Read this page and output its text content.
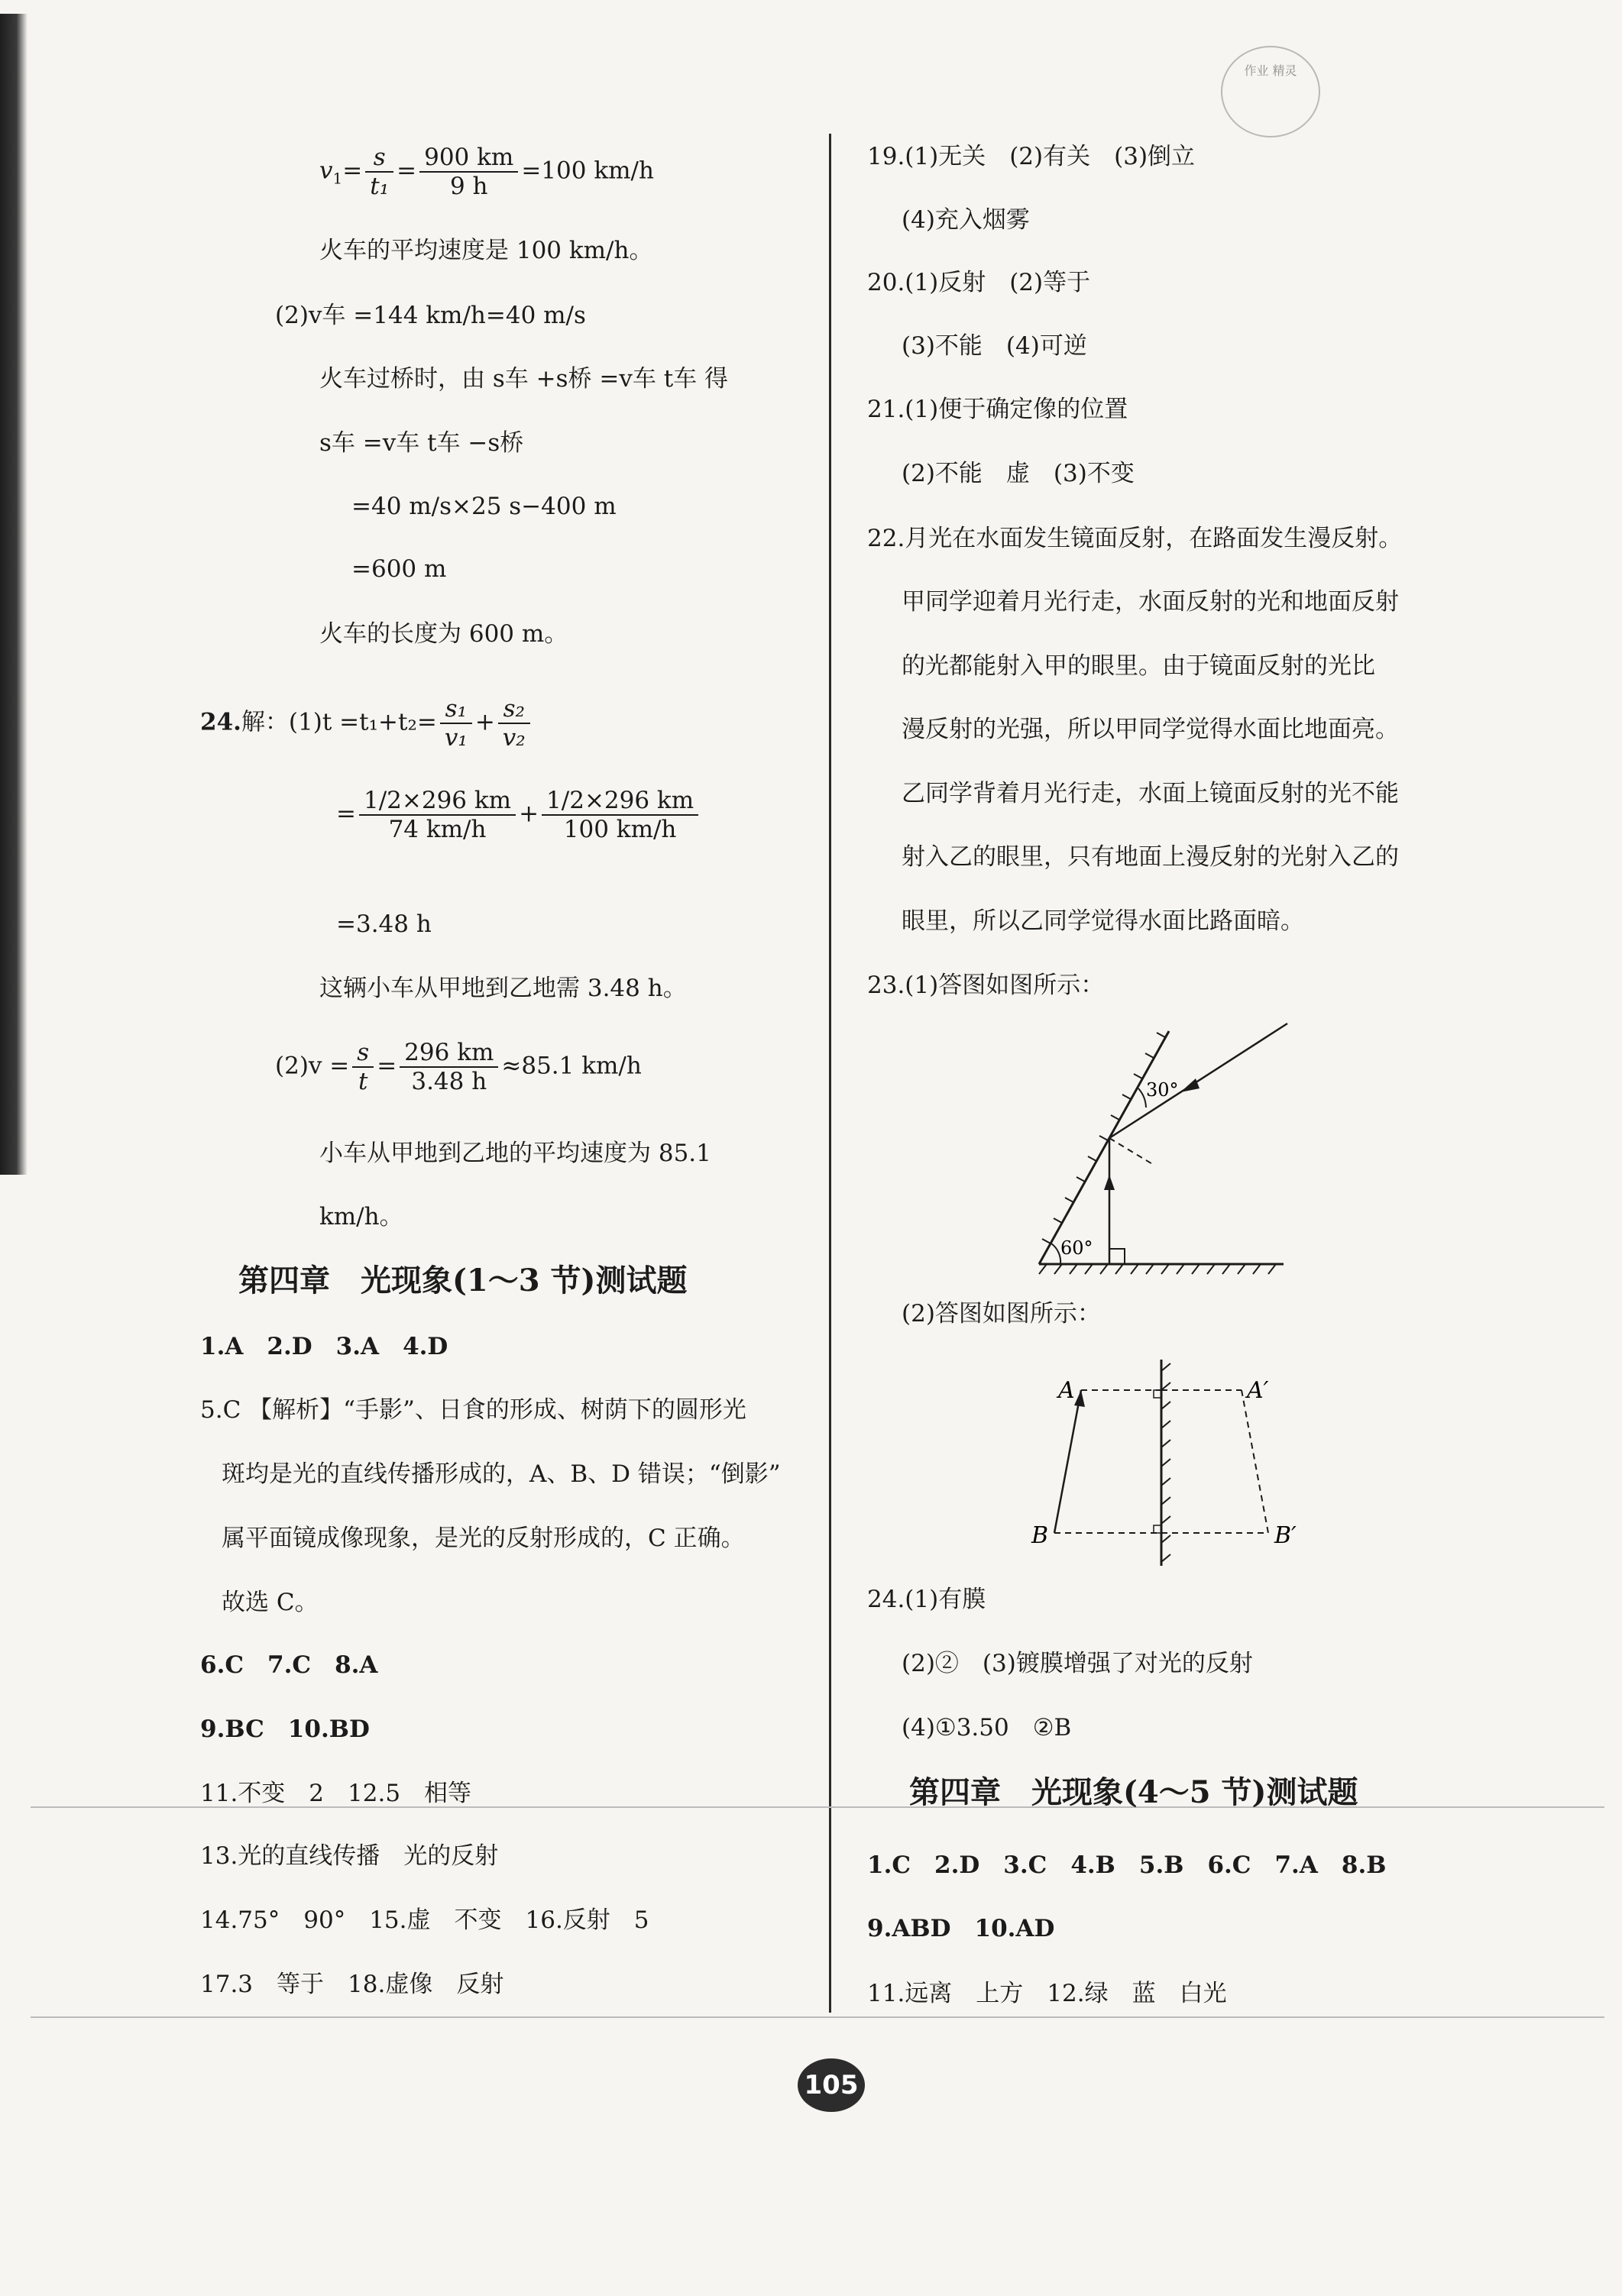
作业 精灵
$v_1= \frac{s}{\text{t₁}} = \frac{900 km}{9 h} =100$ km/h
火车的平均速度是 100 km/h。
(2)v车 =144 km/h=40 m/s
火车过桥时，由 s车 +s桥 =v车 t车 得
s车 =v车 t车 −s桥
=40 m/s×25 s−400 m
=600 m
火车的长度为 600 m。
24.解：$(1)t =t_1+t_2= \frac{\text{s₁}}{\text{v₁}} + \frac{\text{s₂}}{\text{v₂}}$
= $\frac{1/2\times 296 km}{74 km/h} + \frac{1/2\times 296 km}{100 km/h}$
=3.48 h
这辆小车从甲地到乙地需 3.48 h。
$(2)v = \frac{s}{t} = \frac{296 km}{3.48 h} \approx 85.1$ km/h
小车从甲地到乙地的平均速度为 85.1
km/h。
第四章　光现象(1～3 节)测试题
1.A　2.D　3.A　4.D
5.C 【解析】“手影”、日食的形成、树荫下的圆形光
斑均是光的直线传播形成的，A、B、D 错误；“倒影”
属平面镜成像现象，是光的反射形成的，C 正确。
故选 C。
6.C　7.C　8.A
9.BC　10.BD
11.不变　2　12.5　相等
13.光的直线传播　光的反射
14.75°　90°　15.虚　不变　16.反射　5
17.3　等于　18.虚像　反射
19.(1)无关　(2)有关　(3)倒立
(4)充入烟雾
20.(1)反射　(2)等于
(3)不能　(4)可逆
21.(1)便于确定像的位置
(2)不能　虚　(3)不变
22.月光在水面发生镜面反射，在路面发生漫反射。
甲同学迎着月光行走，水面反射的光和地面反射
的光都能射入甲的眼里。由于镜面反射的光比
漫反射的光强，所以甲同学觉得水面比地面亮。
乙同学背着月光行走，水面上镜面反射的光不能
射入乙的眼里，只有地面上漫反射的光射入乙的
眼里，所以乙同学觉得水面比路面暗。
23.(1)答图如图所示：
30°
60°
(2)答图如图所示：
A	A′
B	B′
24.(1)有膜
(2)②　(3)镀膜增强了对光的反射
(4)①3.50　②B
第四章　光现象(4～5 节)测试题
1.C　2.D　3.C　4.B　5.B　6.C　7.A　8.B
9.ABD　10.AD
11.远离　上方　12.绿　蓝　白光
105
